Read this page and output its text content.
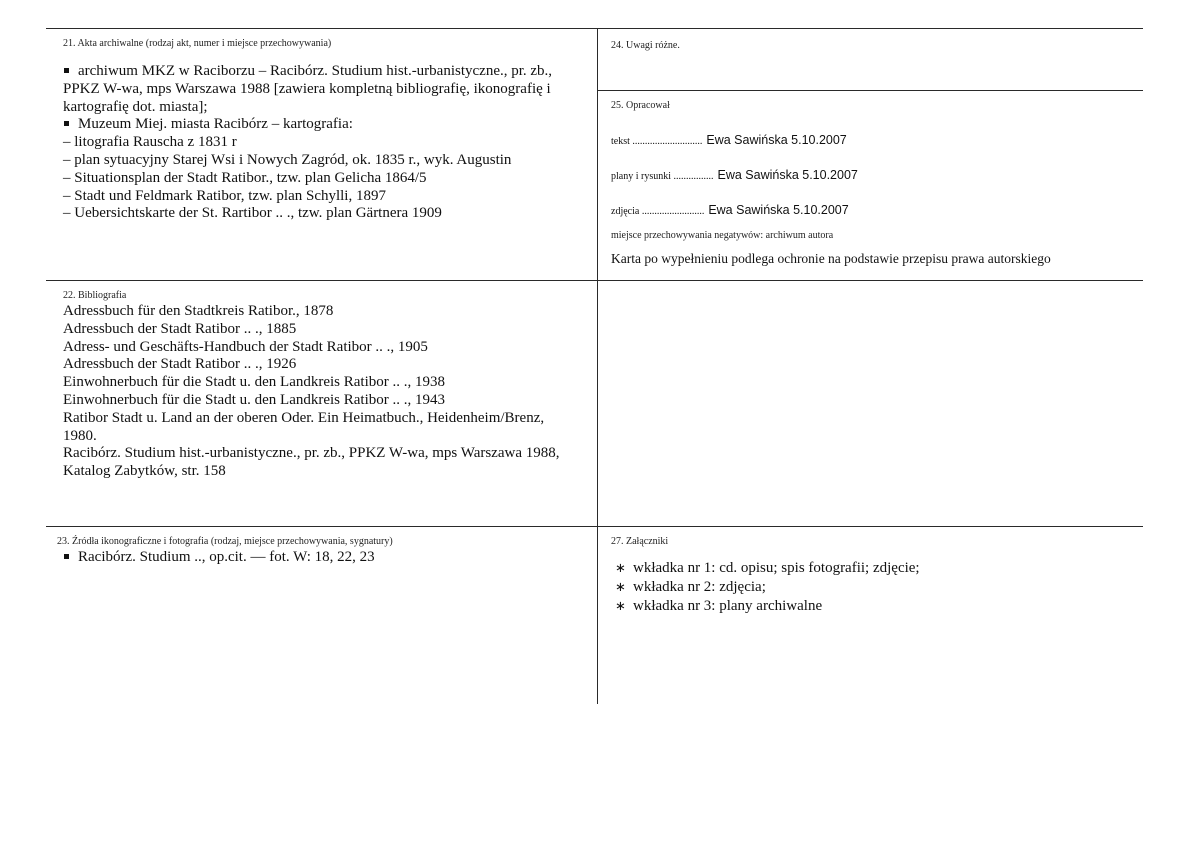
21. Akta archiwalne (rodzaj akt, numer i miejsce przechowywania)
archiwum MKZ w Raciborzu – Racibórz. Studium hist.-urbanistyczne., pr. zb.,
PPKZ W-wa, mps Warszawa 1988 [zawiera kompletną bibliografię, ikonografię i
kartografię dot. miasta];
Muzeum Miej. miasta Racibórz – kartografia:
– litografia Rauscha z 1831 r
– plan sytuacyjny Starej Wsi i Nowych Zagród, ok. 1835 r., wyk. Augustin
– Situationsplan der Stadt Ratibor., tzw. plan Gelicha 1864/5
– Stadt und Feldmark Ratibor, tzw. plan Schylli, 1897
– Uebersichtskarte der St. Rartibor .. ., tzw. plan Gärtnera 1909
24. Uwagi różne.
25. Opracował
tekst ............................ Ewa Sawińska 5.10.2007
plany i rysunki ................ Ewa Sawińska 5.10.2007
zdjęcia ......................... Ewa Sawińska 5.10.2007
miejsce przechowywania negatywów: archiwum autora
Karta po wypełnieniu podlega ochronie na podstawie przepisu prawa autorskiego
22. Bibliografia
Adressbuch für den Stadtkreis Ratibor., 1878
Adressbuch der Stadt Ratibor .. ., 1885
Adress- und Geschäfts-Handbuch der Stadt Ratibor .. ., 1905
Adressbuch der Stadt Ratibor .. ., 1926
Einwohnerbuch für die Stadt u. den Landkreis Ratibor .. ., 1938
Einwohnerbuch für die Stadt u. den Landkreis Ratibor .. ., 1943
Ratibor Stadt u. Land an der oberen Oder. Ein Heimatbuch., Heidenheim/Brenz,
1980.
Racibórz. Studium hist.-urbanistyczne., pr. zb., PPKZ W-wa, mps Warszawa 1988,
Katalog Zabytków, str. 158
23. Źródła ikonograficzne i fotografia (rodzaj, miejsce przechowywania, sygnatury)
Racibórz. Studium .., op.cit. — fot. W: 18, 22, 23
27. Załączniki
∗ wkładka nr 1: cd. opisu; spis fotografii; zdjęcie;
∗ wkładka nr 2: zdjęcia;
∗ wkładka nr 3: plany archiwalne
